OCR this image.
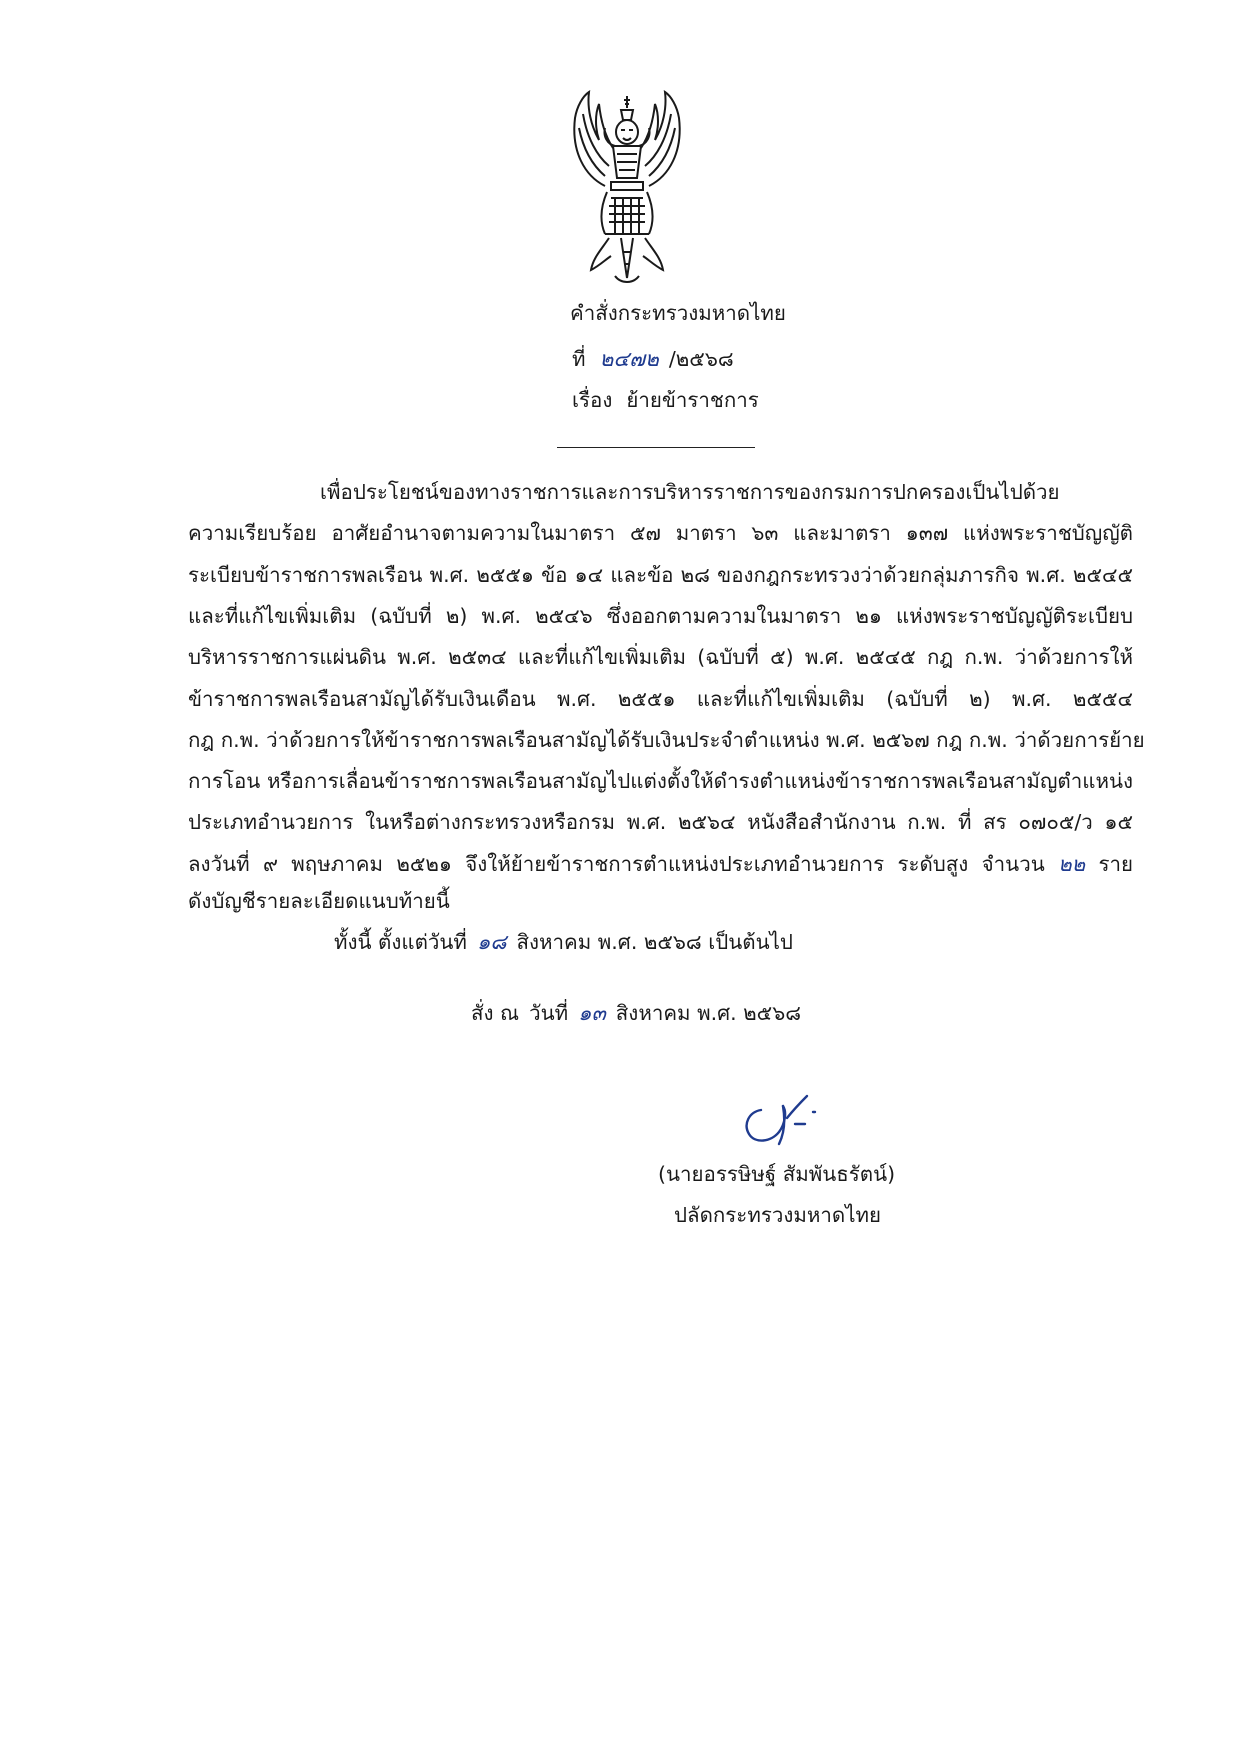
คำสั่งกระทรวงมหาดไทย
ที่ ๒๔๗๒ /๒๕๖๘
เรื่อง ย้ายข้าราชการ
เพื่อประโยชน์ของทางราชการและการบริหารราชการของกรมการปกครองเป็นไปด้วย
ความเรียบร้อย อาศัยอำนาจตามความในมาตรา ๕๗ มาตรา ๖๓ และมาตรา ๑๓๗ แห่งพระราชบัญญัติ
ระเบียบข้าราชการพลเรือน พ.ศ. ๒๕๕๑ ข้อ ๑๔ และข้อ ๒๘ ของกฎกระทรวงว่าด้วยกลุ่มภารกิจ พ.ศ. ๒๕๔๕
และที่แก้ไขเพิ่มเติม (ฉบับที่ ๒) พ.ศ. ๒๕๔๖ ซึ่งออกตามความในมาตรา ๒๑ แห่งพระราชบัญญัติระเบียบ
บริหารราชการแผ่นดิน พ.ศ. ๒๕๓๔ และที่แก้ไขเพิ่มเติม (ฉบับที่ ๕) พ.ศ. ๒๕๔๕ กฎ ก.พ. ว่าด้วยการให้
ข้าราชการพลเรือนสามัญได้รับเงินเดือน พ.ศ. ๒๕๕๑ และที่แก้ไขเพิ่มเติม (ฉบับที่ ๒) พ.ศ. ๒๕๕๔
กฎ ก.พ. ว่าด้วยการให้ข้าราชการพลเรือนสามัญได้รับเงินประจำตำแหน่ง พ.ศ. ๒๕๖๗ กฎ ก.พ. ว่าด้วยการย้าย
การโอน หรือการเลื่อนข้าราชการพลเรือนสามัญไปแต่งตั้งให้ดำรงตำแหน่งข้าราชการพลเรือนสามัญตำแหน่ง
ประเภทอำนวยการ ในหรือต่างกระทรวงหรือกรม พ.ศ. ๒๕๖๔ หนังสือสำนักงาน ก.พ. ที่ สร ๐๗๐๕/ว ๑๕
ลงวันที่ ๙ พฤษภาคม ๒๕๒๑ จึงให้ย้ายข้าราชการตำแหน่งประเภทอำนวยการ ระดับสูง จำนวน ๒๒ ราย
ดังบัญชีรายละเอียดแนบท้ายนี้
ทั้งนี้ ตั้งแต่วันที่ ๑๘ สิงหาคม พ.ศ. ๒๕๖๘ เป็นต้นไป
สั่ง ณ วันที่ ๑๓ สิงหาคม พ.ศ. ๒๕๖๘
(นายอรรษิษฐ์ สัมพันธรัตน์)
ปลัดกระทรวงมหาดไทย
